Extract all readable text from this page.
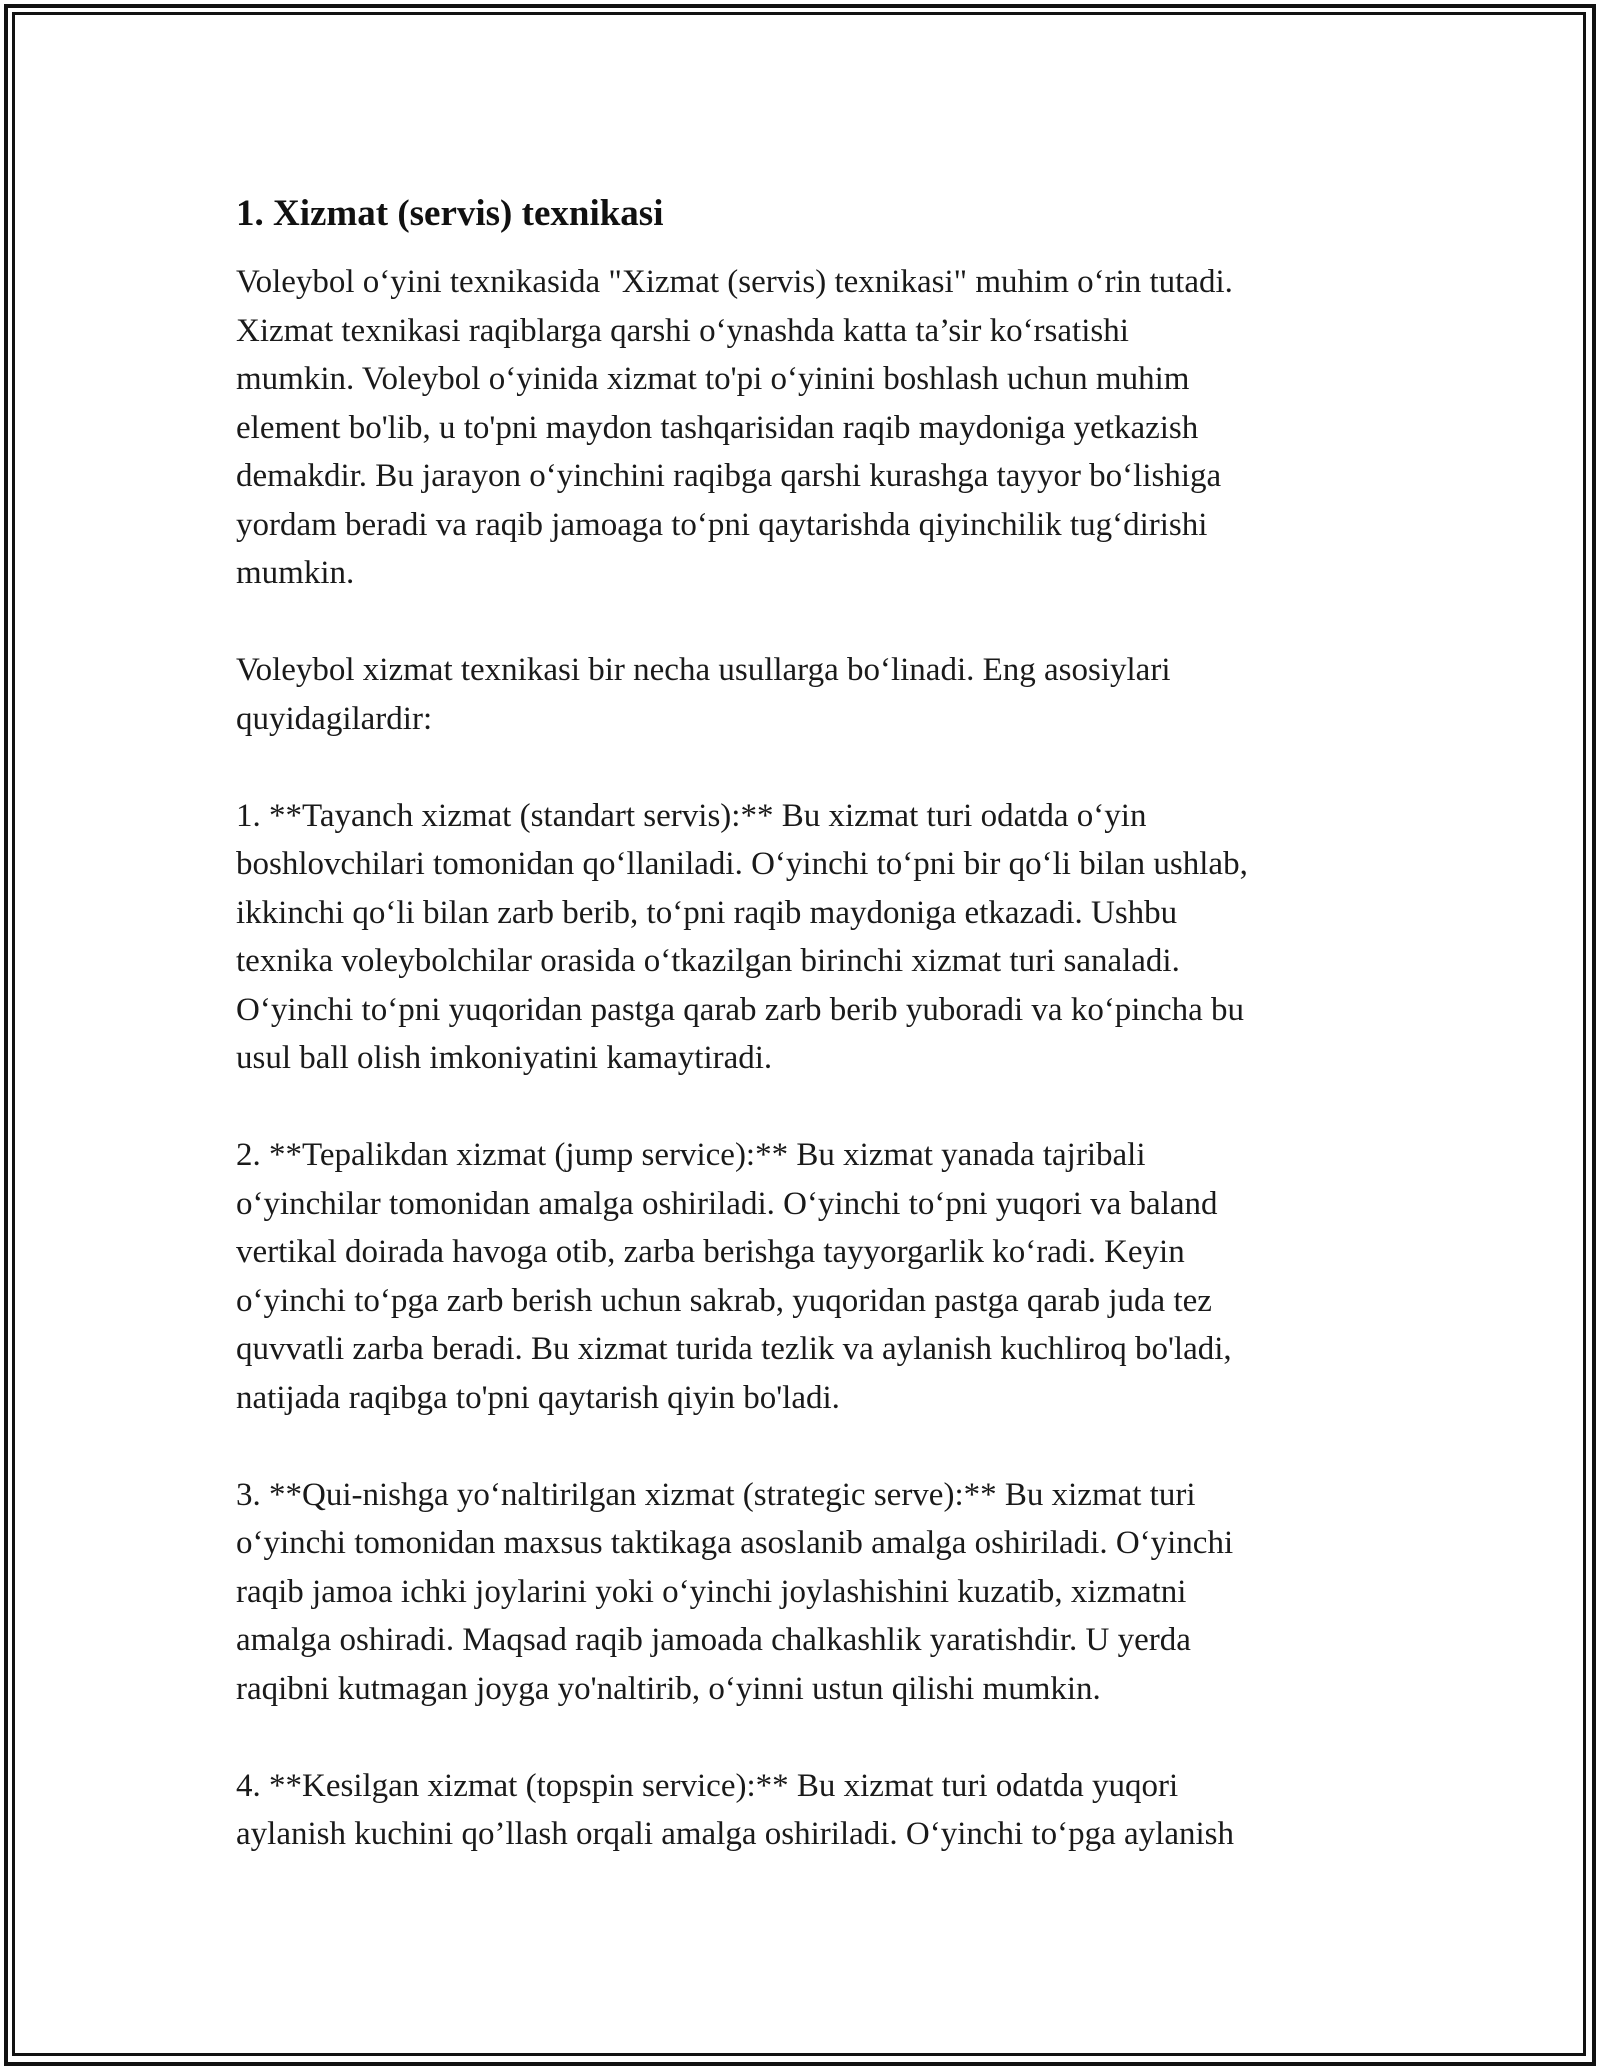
1. Xizmat (servis) texnikasi

Voleybol o‘yini texnikasida "Xizmat (servis) texnikasi" muhim o‘rin tutadi.
Xizmat texnikasi raqiblarga qarshi o‘ynashda katta ta’sir ko‘rsatishi
mumkin. Voleybol o‘yinida xizmat to'pi o‘yinini boshlash uchun muhim
element bo'lib, u to'pni maydon tashqarisidan raqib maydoniga yetkazish
demakdir. Bu jarayon o‘yinchini raqibga qarshi kurashga tayyor bo‘lishiga
yordam beradi va raqib jamoaga to‘pni qaytarishda qiyinchilik tug‘dirishi
mumkin.

Voleybol xizmat texnikasi bir necha usullarga bo‘linadi. Eng asosiylari
quyidagilardir:

1. **Tayanch xizmat (standart servis):** Bu xizmat turi odatda o‘yin
boshlovchilari tomonidan qo‘llaniladi. O‘yinchi to‘pni bir qo‘li bilan ushlab,
ikkinchi qo‘li bilan zarb berib, to‘pni raqib maydoniga etkazadi. Ushbu
texnika voleybolchilar orasida o‘tkazilgan birinchi xizmat turi sanaladi.
O‘yinchi to‘pni yuqoridan pastga qarab zarb berib yuboradi va ko‘pincha bu
usul ball olish imkoniyatini kamaytiradi.

2. **Tepalikdan xizmat (jump service):** Bu xizmat yanada tajribali
o‘yinchilar tomonidan amalga oshiriladi. O‘yinchi to‘pni yuqori va baland
vertikal doirada havoga otib, zarba berishga tayyorgarlik ko‘radi. Keyin
o‘yinchi to‘pga zarb berish uchun sakrab, yuqoridan pastga qarab juda tez
quvvatli zarba beradi. Bu xizmat turida tezlik va aylanish kuchliroq bo'ladi,
natijada raqibga to'pni qaytarish qiyin bo'ladi.

3. **Qui-nishga yo‘naltirilgan xizmat (strategic serve):** Bu xizmat turi
o‘yinchi tomonidan maxsus taktikaga asoslanib amalga oshiriladi. O‘yinchi
raqib jamoa ichki joylarini yoki o‘yinchi joylashishini kuzatib, xizmatni
amalga oshiradi. Maqsad raqib jamoada chalkashlik yaratishdir. U yerda
raqibni kutmagan joyga yo'naltirib, o‘yinni ustun qilishi mumkin.

4. **Kesilgan xizmat (topspin service):** Bu xizmat turi odatda yuqori
aylanish kuchini qo’llash orqali amalga oshiriladi. O‘yinchi to‘pga aylanish
